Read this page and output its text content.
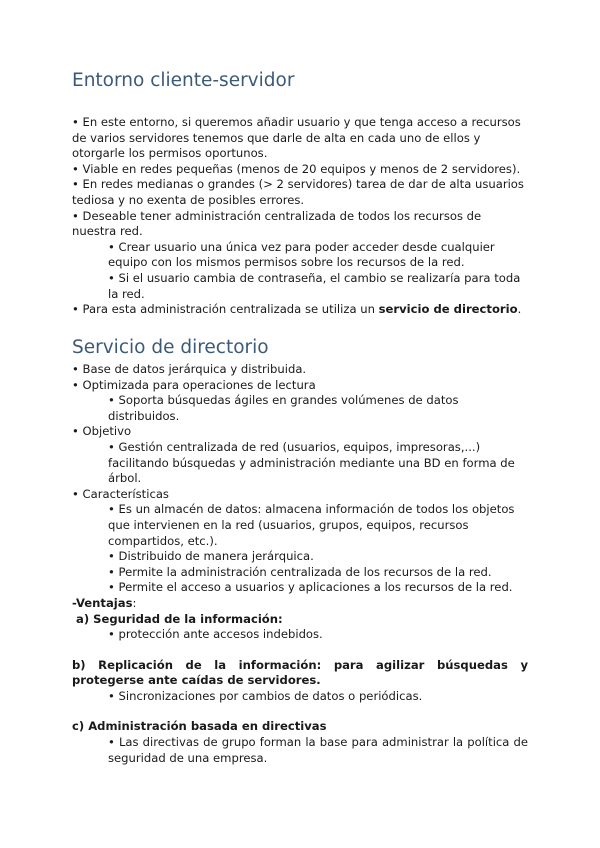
Entorno cliente-servidor

• En este entorno, si queremos añadir usuario y que tenga acceso a recursos de varios servidores tenemos que darle de alta en cada uno de ellos y otorgarle los permisos oportunos.

• Viable en redes pequeñas (menos de 20 equipos y menos de 2 servidores).

• En redes medianas o grandes (> 2 servidores) tarea de dar de alta usuarios tediosa y no exenta de posibles errores.

• Deseable tener administración centralizada de todos los recursos de nuestra red.

• Crear usuario una única vez para poder acceder desde cualquier equipo con los mismos permisos sobre los recursos de la red.

• Si el usuario cambia de contraseña, el cambio se realizaría para toda la red.

• Para esta administración centralizada se utiliza un servicio de directorio.

Servicio de directorio

• Base de datos jerárquica y distribuida.

• Optimizada para operaciones de lectura

• Soporta búsquedas ágiles en grandes volúmenes de datos distribuidos.

• Objetivo

• Gestión centralizada de red (usuarios, equipos, impresoras,...) facilitando búsquedas y administración mediante una BD en forma de árbol.

• Características

• Es un almacén de datos: almacena información de todos los objetos que intervienen en la red (usuarios, grupos, equipos, recursos compartidos, etc.).

• Distribuido de manera jerárquica.

• Permite la administración centralizada de los recursos de la red.

• Permite el acceso a usuarios y aplicaciones a los recursos de la red.

-Ventajas:

a) Seguridad de la información:

• protección ante accesos indebidos.

b) Replicación de la información: para agilizar búsquedas y protegerse ante caídas de servidores.

• Sincronizaciones por cambios de datos o periódicas.

c) Administración basada en directivas

• Las directivas de grupo forman la base para administrar la política de seguridad de una empresa.
